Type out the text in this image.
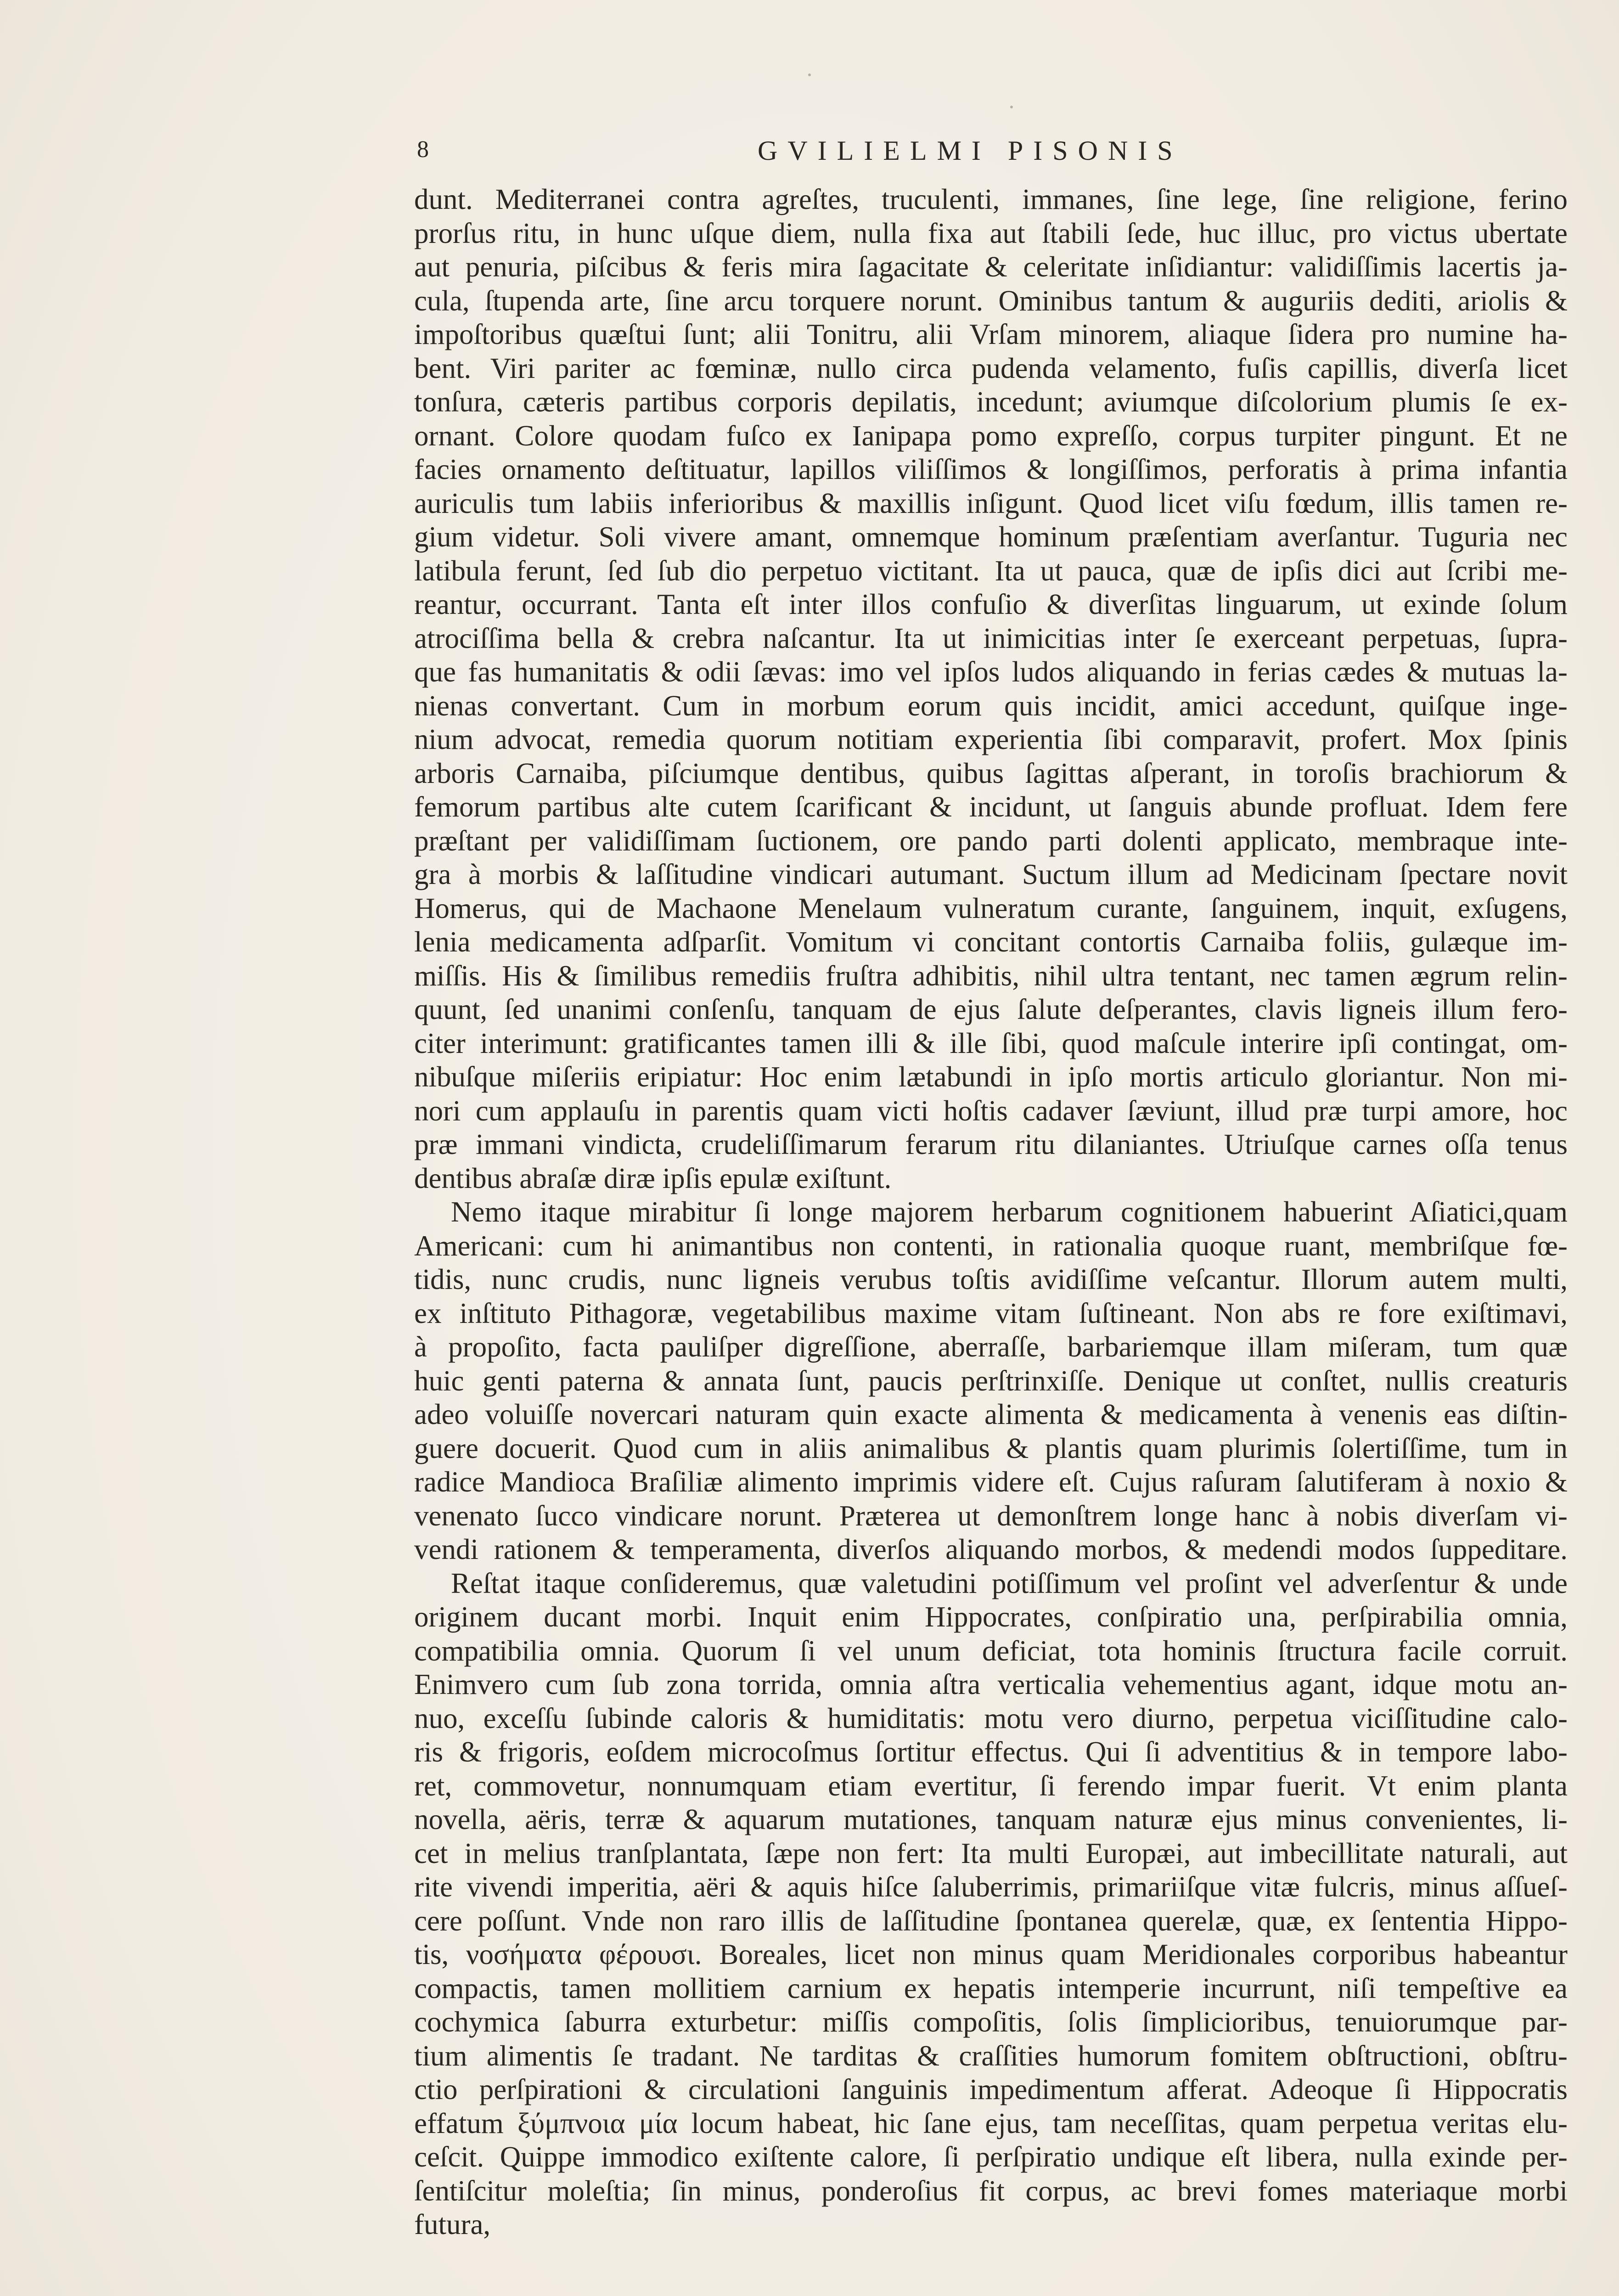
8	GVILIELMI PISONIS
dunt. Mediterranei contra agreſtes, truculenti, immanes, ſine lege, ſine religione, ferino
prorſus ritu, in hunc uſque diem, nulla fixa aut ſtabili ſede, huc illuc, pro victus ubertate
aut penuria, piſcibus & feris mira ſagacitate & celeritate inſidiantur: validiſſimis lacertis ja-
cula, ſtupenda arte, ſine arcu torquere norunt. Ominibus tantum & auguriis dediti, ariolis &
impoſtoribus quæſtui ſunt; alii Tonitru, alii Vrſam minorem, aliaque ſidera pro numine ha-
bent. Viri pariter ac fœminæ, nullo circa pudenda velamento, fuſis capillis, diverſa licet
tonſura, cæteris partibus corporis depilatis, incedunt; aviumque diſcolorium plumis ſe ex-
ornant. Colore quodam fuſco ex Ianipapa pomo expreſſo, corpus turpiter pingunt. Et ne
facies ornamento deſtituatur, lapillos viliſſimos & longiſſimos, perforatis à prima infantia
auriculis tum labiis inferioribus & maxillis inſigunt. Quod licet viſu fœdum, illis tamen re-
gium videtur. Soli vivere amant, omnemque hominum præſentiam averſantur. Tuguria nec
latibula ferunt, ſed ſub dio perpetuo victitant. Ita ut pauca, quæ de ipſis dici aut ſcribi me-
reantur, occurrant. Tanta eſt inter illos confuſio & diverſitas linguarum, ut exinde ſolum
atrociſſima bella & crebra naſcantur. Ita ut inimicitias inter ſe exerceant perpetuas, ſupra-
que fas humanitatis & odii ſævas: imo vel ipſos ludos aliquando in ferias cædes & mutuas la-
nienas convertant. Cum in morbum eorum quis incidit, amici accedunt, quiſque inge-
nium advocat, remedia quorum notitiam experientia ſibi comparavit, profert. Mox ſpinis
arboris Carnaiba, piſciumque dentibus, quibus ſagittas aſperant, in toroſis brachiorum &
femorum partibus alte cutem ſcarificant & incidunt, ut ſanguis abunde profluat. Idem fere
præſtant per validiſſimam ſuctionem, ore pando parti dolenti applicato, membraque inte-
gra à morbis & laſſitudine vindicari autumant. Suctum illum ad Medicinam ſpectare novit
Homerus, qui de Machaone Menelaum vulneratum curante, ſanguinem, inquit, exſugens,
lenia medicamenta adſparſit. Vomitum vi concitant contortis Carnaiba foliis, gulæque im-
miſſis. His & ſimilibus remediis fruſtra adhibitis, nihil ultra tentant, nec tamen ægrum relin-
quunt, ſed unanimi conſenſu, tanquam de ejus ſalute deſperantes, clavis ligneis illum fero-
citer interimunt: gratificantes tamen illi & ille ſibi, quod maſcule interire ipſi contingat, om-
nibuſque miſeriis eripiatur: Hoc enim lætabundi in ipſo mortis articulo gloriantur. Non mi-
nori cum applauſu in parentis quam victi hoſtis cadaver ſæviunt, illud præ turpi amore, hoc
præ immani vindicta, crudeliſſimarum ferarum ritu dilaniantes. Utriuſque carnes oſſa tenus
dentibus abraſæ diræ ipſis epulæ exiſtunt.
Nemo itaque mirabitur ſi longe majorem herbarum cognitionem habuerint Aſiatici,quam
Americani: cum hi animantibus non contenti, in rationalia quoque ruant, membriſque fœ-
tidis, nunc crudis, nunc ligneis verubus toſtis avidiſſime veſcantur. Illorum autem multi,
ex inſtituto Pithagoræ, vegetabilibus maxime vitam ſuſtineant. Non abs re fore exiſtimavi,
à propoſito, facta pauliſper digreſſione, aberraſſe, barbariemque illam miſeram, tum quæ
huic genti paterna & annata ſunt, paucis perſtrinxiſſe. Denique ut conſtet, nullis creaturis
adeo voluiſſe novercari naturam quin exacte alimenta & medicamenta à venenis eas diſtin-
guere docuerit. Quod cum in aliis animalibus & plantis quam plurimis ſolertiſſime, tum in
radice Mandioca Braſiliæ alimento imprimis videre eſt. Cujus raſuram ſalutiferam à noxio &
venenato ſucco vindicare norunt. Præterea ut demonſtrem longe hanc à nobis diverſam vi-
vendi rationem & temperamenta, diverſos aliquando morbos, & medendi modos ſuppeditare.
Reſtat itaque conſideremus, quæ valetudini potiſſimum vel proſint vel adverſentur & unde
originem ducant morbi. Inquit enim Hippocrates, conſpiratio una, perſpirabilia omnia,
compatibilia omnia. Quorum ſi vel unum deficiat, tota hominis ſtructura facile corruit.
Enimvero cum ſub zona torrida, omnia aſtra verticalia vehementius agant, idque motu an-
nuo, exceſſu ſubinde caloris & humiditatis: motu vero diurno, perpetua viciſſitudine calo-
ris & frigoris, eoſdem microcoſmus ſortitur effectus. Qui ſi adventitius & in tempore labo-
ret, commovetur, nonnumquam etiam evertitur, ſi ferendo impar fuerit. Vt enim planta
novella, aëris, terræ & aquarum mutationes, tanquam naturæ ejus minus convenientes, li-
cet in melius tranſplantata, ſæpe non fert: Ita multi Europæi, aut imbecillitate naturali, aut
rite vivendi imperitia, aëri & aquis hiſce ſaluberrimis, primariiſque vitæ fulcris, minus aſſueſ-
cere poſſunt. Vnde non raro illis de laſſitudine ſpontanea querelæ, quæ, ex ſententia Hippo-
tis, νοσήματα φέρουσι. Boreales, licet non minus quam Meridionales corporibus habeantur
compactis, tamen mollitiem carnium ex hepatis intemperie incurrunt, niſi tempeſtive ea
cochymica ſaburra exturbetur: miſſis compoſitis, ſolis ſimplicioribus, tenuiorumque par-
tium alimentis ſe tradant. Ne tarditas & craſſities humorum fomitem obſtructioni, obſtru-
ctio perſpirationi & circulationi ſanguinis impedimentum afferat. Adeoque ſi Hippocratis
effatum ξύμπνοια μία locum habeat, hic ſane ejus, tam neceſſitas, quam perpetua veritas elu-
ceſcit. Quippe immodico exiſtente calore, ſi perſpiratio undique eſt libera, nulla exinde per-
ſentiſcitur moleſtia; ſin minus, ponderoſius fit corpus, ac brevi fomes materiaque morbi
futura,
